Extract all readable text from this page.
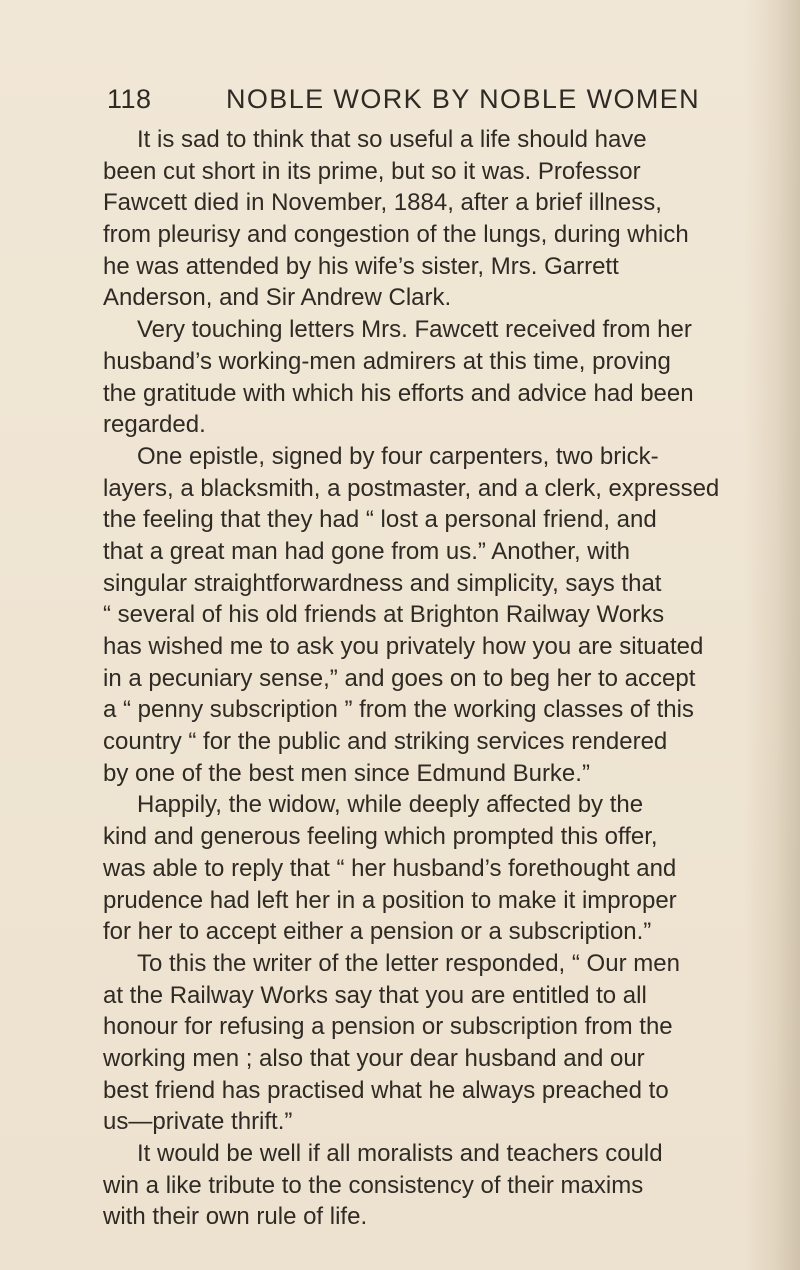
118	NOBLE WORK BY NOBLE WOMEN
It is sad to think that so useful a life should have
been cut short in its prime, but so it was. Professor
Fawcett died in November, 1884, after a brief illness,
from pleurisy and congestion of the lungs, during which
he was attended by his wife’s sister, Mrs. Garrett
Anderson, and Sir Andrew Clark.
Very touching letters Mrs. Fawcett received from her
husband’s working-men admirers at this time, proving
the gratitude with which his efforts and advice had been
regarded.
One epistle, signed by four carpenters, two brick-
layers, a blacksmith, a postmaster, and a clerk, expressed
the feeling that they had “ lost a personal friend, and
that a great man had gone from us.” Another, with
singular straightforwardness and simplicity, says that
“ several of his old friends at Brighton Railway Works
has wished me to ask you privately how you are situated
in a pecuniary sense,” and goes on to beg her to accept
a “ penny subscription ” from the working classes of this
country “ for the public and striking services rendered
by one of the best men since Edmund Burke.”
Happily, the widow, while deeply affected by the
kind and generous feeling which prompted this offer,
was able to reply that “ her husband’s forethought and
prudence had left her in a position to make it improper
for her to accept either a pension or a subscription.”
To this the writer of the letter responded, “ Our men
at the Railway Works say that you are entitled to all
honour for refusing a pension or subscription from the
working men ; also that your dear husband and our
best friend has practised what he always preached to
us—private thrift.”
It would be well if all moralists and teachers could
win a like tribute to the consistency of their maxims
with their own rule of life.
